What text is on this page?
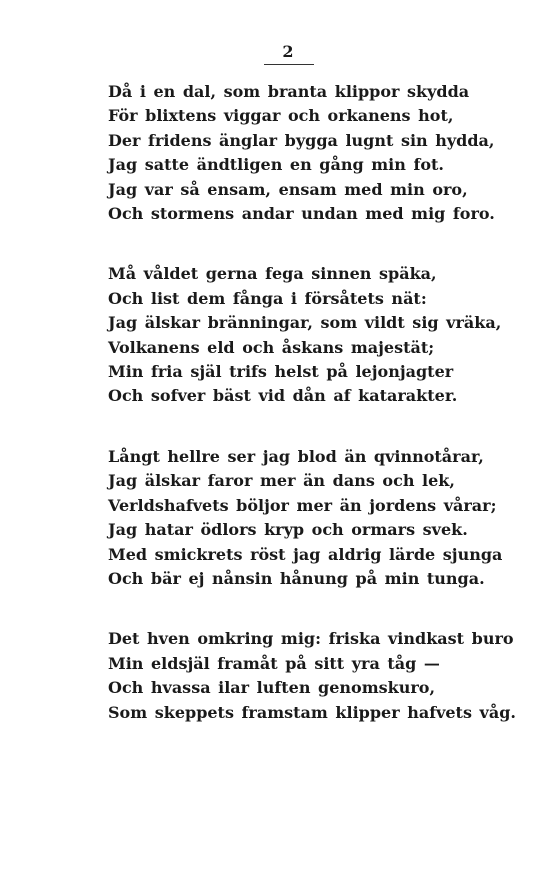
2
Då i en dal, som branta klippor skydda
För blixtens viggar och orkanens hot,
Der fridens änglar bygga lugnt sin hydda,
Jag satte ändtligen en gång min fot.
Jag var så ensam, ensam med min oro,
Och stormens andar undan med mig foro.
Må våldet gerna fega sinnen späka,
Och list dem fånga i försåtets nät:
Jag älskar bränningar, som vildt sig vräka,
Volkanens eld och åskans majestät;
Min fria själ trifs helst på lejonjagter
Och sofver bäst vid dån af katarakter.
Långt hellre ser jag blod än qvinnotårar,
Jag älskar faror mer än dans och lek,
Verldshafvets böljor mer än jordens vårar;
Jag hatar ödlors kryp och ormars svek.
Med smickrets röst jag aldrig lärde sjunga
Och bär ej nånsin hånung på min tunga.
Det hven omkring mig: friska vindkast buro
Min eldsjäl framåt på sitt yra tåg —
Och hvassa ilar luften genomskuro,
Som skeppets framstam klipper hafvets våg.
